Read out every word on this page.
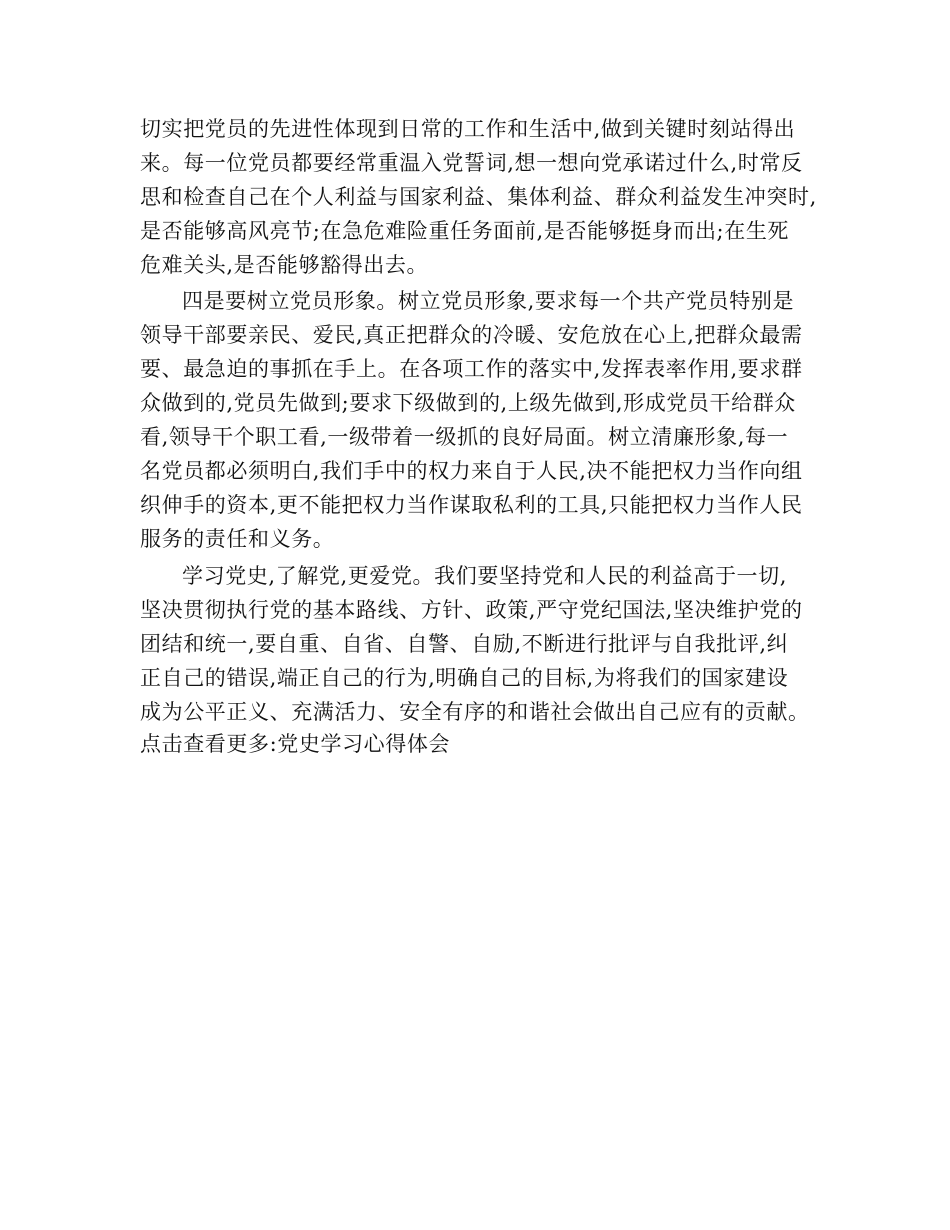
切实把党员的先进性体现到日常的工作和生活中,做到关键时刻站得出
来。每一位党员都要经常重温入党誓词,想一想向党承诺过什么,时常反
思和检查自己在个人利益与国家利益、集体利益、群众利益发生冲突时,
是否能够高风亮节;在急危难险重任务面前,是否能够挺身而出;在生死
危难关头,是否能够豁得出去。
四是要树立党员形象。树立党员形象,要求每一个共产党员特别是
领导干部要亲民、爱民,真正把群众的冷暖、安危放在心上,把群众最需
要、最急迫的事抓在手上。在各项工作的落实中,发挥表率作用,要求群
众做到的,党员先做到;要求下级做到的,上级先做到,形成党员干给群众
看,领导干个职工看,一级带着一级抓的良好局面。树立清廉形象,每一
名党员都必须明白,我们手中的权力来自于人民,决不能把权力当作向组
织伸手的资本,更不能把权力当作谋取私利的工具,只能把权力当作人民
服务的责任和义务。
学习党史,了解党,更爱党。我们要坚持党和人民的利益高于一切,
坚决贯彻执行党的基本路线、方针、政策,严守党纪国法,坚决维护党的
团结和统一,要自重、自省、自警、自励,不断进行批评与自我批评,纠
正自己的错误,端正自己的行为,明确自己的目标,为将我们的国家建设
成为公平正义、充满活力、安全有序的和谐社会做出自己应有的贡献。
点击查看更多:党史学习心得体会
